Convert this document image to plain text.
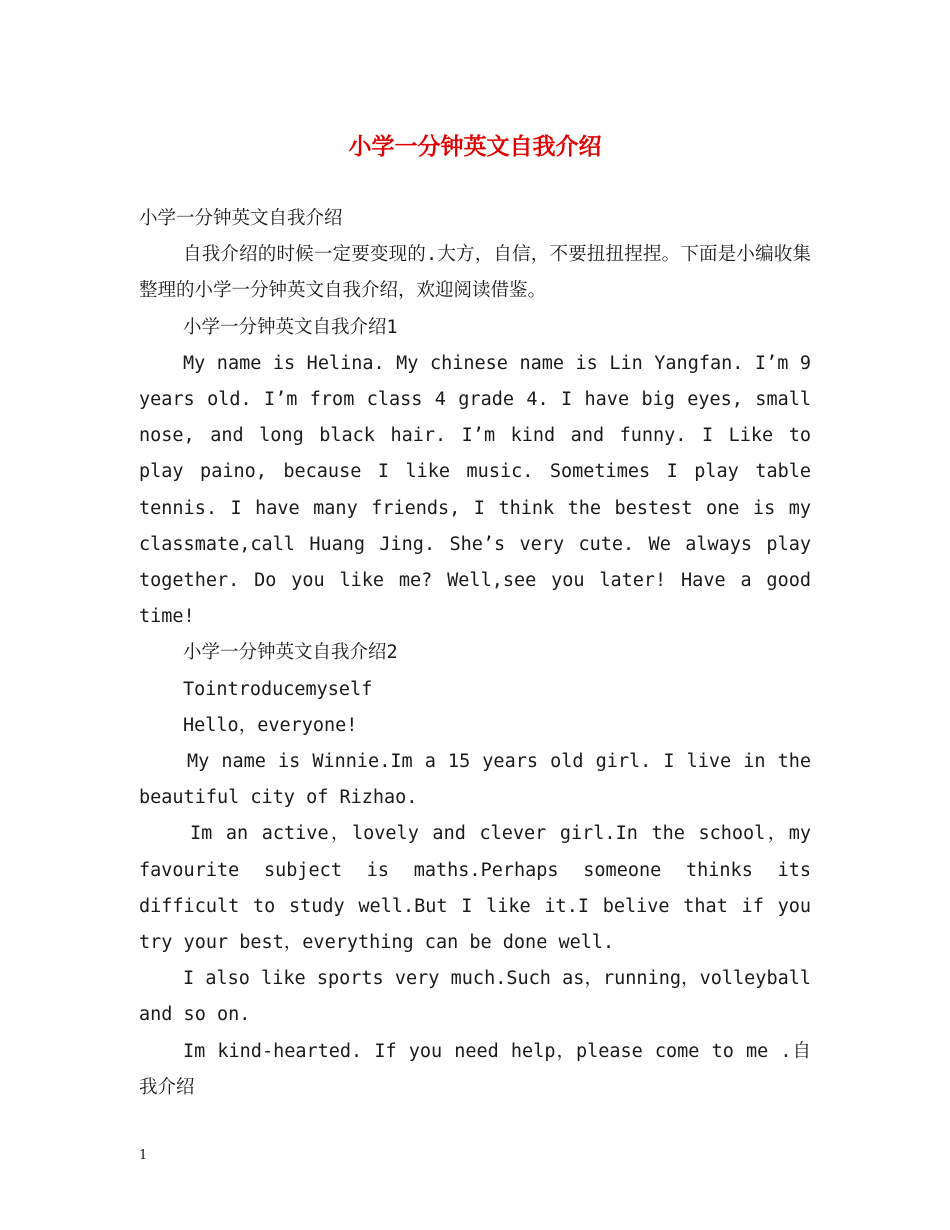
小学一分钟英文自我介绍

小学一分钟英文自我介绍

自我介绍的时候一定要变现的.大方，自信，不要扭扭捏捏。下面是小编收集整理的小学一分钟英文自我介绍，欢迎阅读借鉴。

小学一分钟英文自我介绍1

My name is Helina. My chinese name is Lin Yangfan. I’m 9 years old. I’m from class 4 grade 4. I have big eyes, small nose, and long black hair. I’m kind and funny. I Like to play paino, because I like music. Sometimes I play table tennis. I have many friends, I think the bestest one is my classmate,call Huang Jing. She’s very cute. We always play together. Do you like me? Well,see you later! Have a good time!

小学一分钟英文自我介绍2

Tointroducemyself

Hello，everyone!

My name is Winnie.Im a 15 years old girl. I live in the beautiful city of Rizhao.

Im an active，lovely and clever girl.In the school，my favourite subject is maths.Perhaps someone thinks its difficult to study well.But I like it.I belive that if you try your best，everything can be done well.

I also like sports very much.Such as，running，volleyball and so on.

Im kind-hearted. If you need help，please come to me .自我介绍

1
